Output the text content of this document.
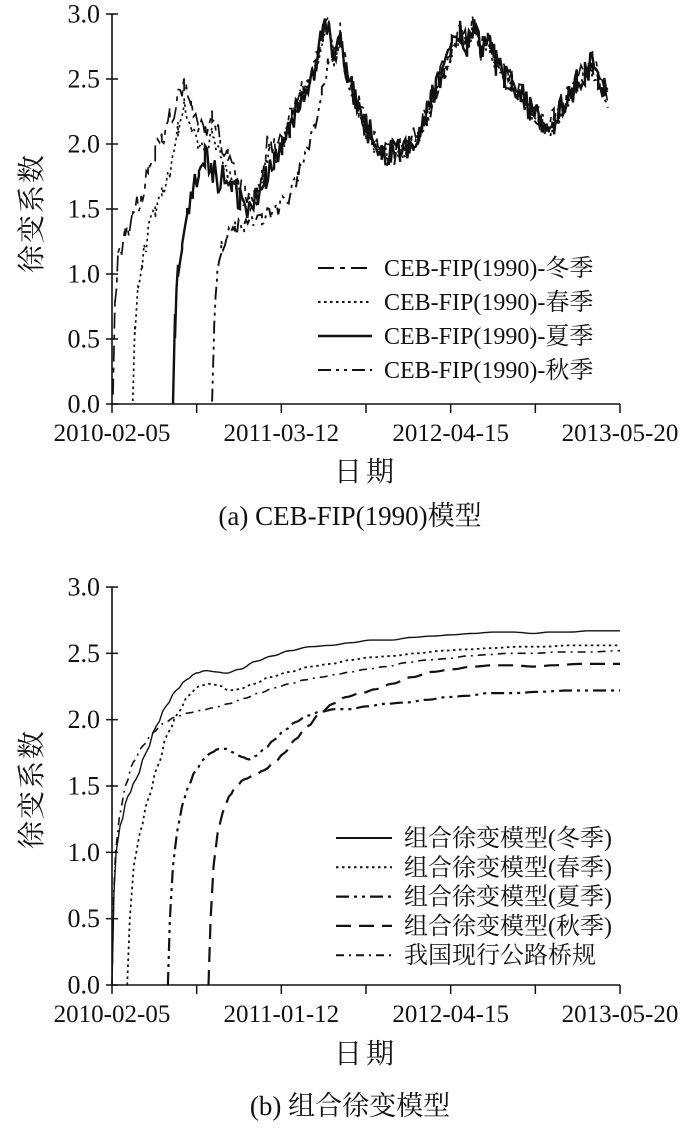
0.0
0.5
1.0
1.5
2.0
2.5
3.0
2010-02-05 2011-03-12 2012-04-15 2013-05-20
CEB-FIP(1990)-冬季
CEB-FIP(1990)-春季
CEB-FIP(1990)-夏季
CEB-FIP(1990)-秋季
徐变系数
日期
(a) CEB-FIP(1990)模型
0.0
0.5
1.0
1.5
2.0
2.5
3.0
2010-02-05 2011-01-12 2012-04-15 2013-05-20
组合徐变模型(冬季)
组合徐变模型(春季)
组合徐变模型(夏季)
组合徐变模型(秋季)
我国现行公路桥规
徐变系数
日期
(b) 组合徐变模型
